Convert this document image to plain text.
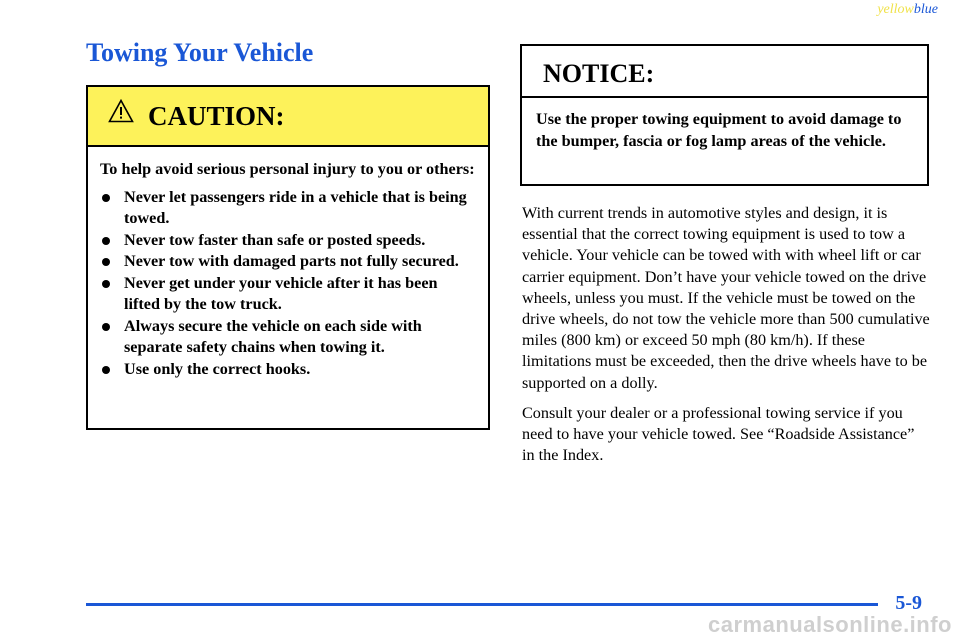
yellowblue
Towing Your Vehicle
CAUTION:

To help avoid serious personal injury to you or others:

Never let passengers ride in a vehicle that is being towed.
Never tow faster than safe or posted speeds.
Never tow with damaged parts not fully secured.
Never get under your vehicle after it has been lifted by the tow truck.
Always secure the vehicle on each side with separate safety chains when towing it.
Use only the correct hooks.
NOTICE:

Use the proper towing equipment to avoid damage to the bumper, fascia or fog lamp areas of the vehicle.

With current trends in automotive styles and design, it is essential that the correct towing equipment is used to tow a vehicle. Your vehicle can be towed with with wheel lift or car carrier equipment. Don’t have your vehicle towed on the drive wheels, unless you must. If the vehicle must be towed on the drive wheels, do not tow the vehicle more than 500 cumulative miles (800 km) or exceed 50 mph (80 km/h). If these limitations must be exceeded, then the drive wheels have to be supported on a dolly.

Consult your dealer or a professional towing service if you need to have your vehicle towed. See “Roadside Assistance” in the Index.

5-9
carmanualsonline.info
